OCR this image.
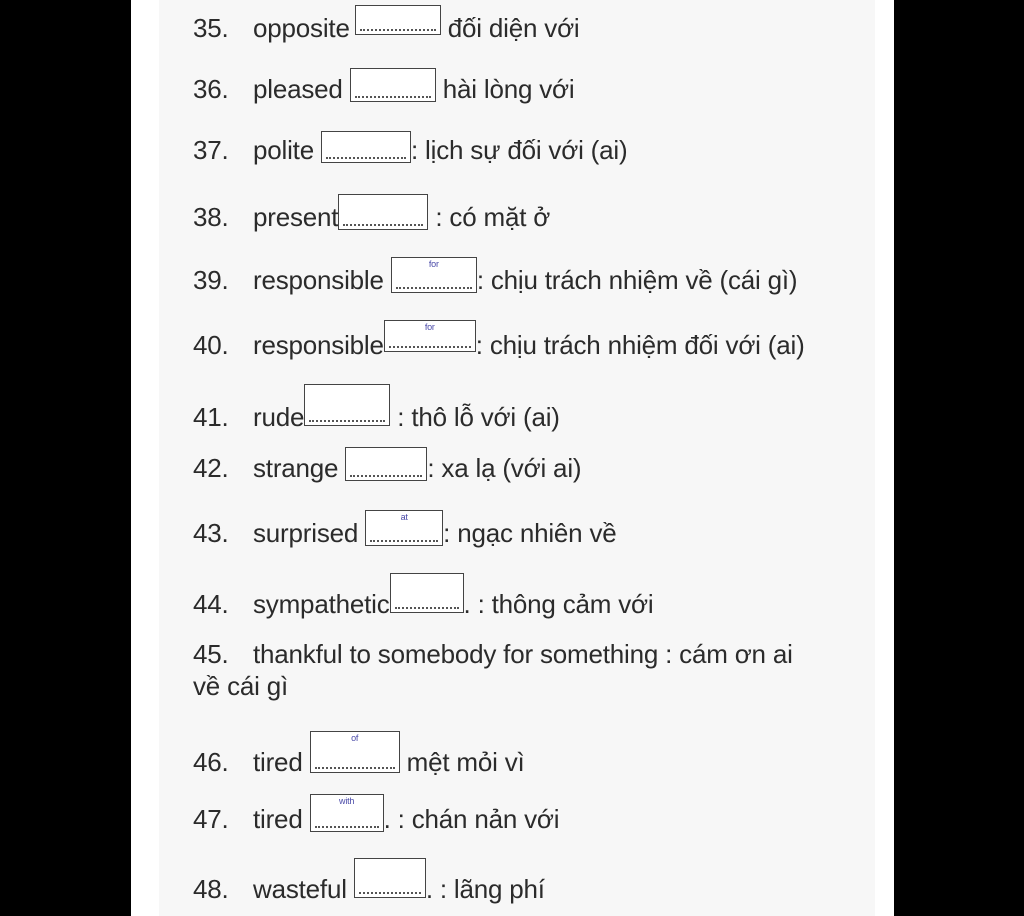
35. opposite	đối diện với
36. pleased	hài lòng với
37. polite	: lịch sự đối với (ai)
38. present	: có mặt ở
39. responsible
for
: chịu trách nhiệm về (cái gì)
40. responsible
for
: chịu trách nhiệm đối với (ai)
41. rude	: thô lỗ với (ai)
42. strange	: xa lạ (với ai)
43. surprised
at
: ngạc nhiên về
44. sympathetic	. : thông cảm với
45. thankful to somebody for something : cám ơn ai
về cái gì
46. tired
of
mệt mỏi vì
47. tired
with
. : chán nản với
48. wasteful	. : lãng phí
